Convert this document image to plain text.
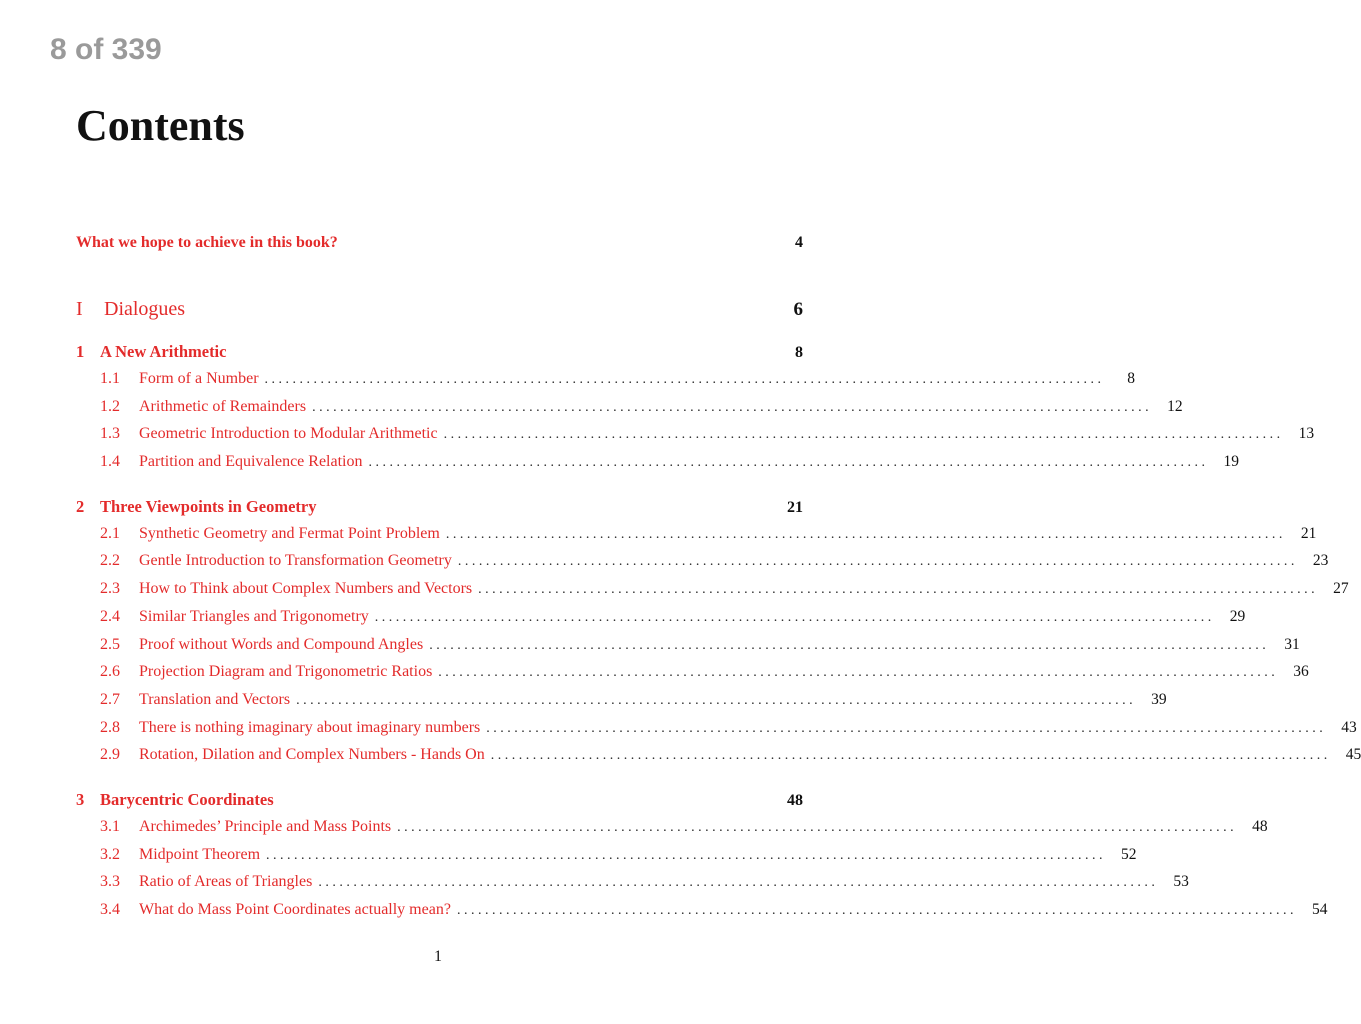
8 of 339
Contents
What we hope to achieve in this book?	4
I	Dialogues	6
1 A New Arithmetic	8
1.1	Form of a Number . . . . . . . . . . . . . . . . . . . . . . . . . . . . . . . . . . . . . . . . . . . . . . . . . . . . . . . . . . . . . . . . . . . . . . . . . . . . . . . . . . . . . . . . . . . . . . . . . . . . . . . . . . . . . . . . . . . . . . . .	8
1.2	Arithmetic of Remainders . . . . . . . . . . . . . . . . . . . . . . . . . . . . . . . . . . . . . . . . . . . . . . . . . . . . . . . . . . . . . . . . . . . . . . . . . . . . . . . . . . . . . . . . . . . . . . . . . . . . . . . . . . . . . . . . . . . . . . . .	12
1.3	Geometric Introduction to Modular Arithmetic . . . . . . . . . . . . . . . . . . . . . . . . . . . . . . . . . . . . . . . . . . . . . . . . . . . . . . . . . . . . . . . . . . . . . . . . . . . . . . . . . . . . . . . . . . . . . . . . . . . . . . . . . . . . . . . . . . . . . . . .	13
1.4	Partition and Equivalence Relation . . . . . . . . . . . . . . . . . . . . . . . . . . . . . . . . . . . . . . . . . . . . . . . . . . . . . . . . . . . . . . . . . . . . . . . . . . . . . . . . . . . . . . . . . . . . . . . . . . . . . . . . . . . . . . . . . . . . . . . .	19
2 Three Viewpoints in Geometry	21
2.1	Synthetic Geometry and Fermat Point Problem . . . . . . . . . . . . . . . . . . . . . . . . . . . . . . . . . . . . . . . . . . . . . . . . . . . . . . . . . . . . . . . . . . . . . . . . . . . . . . . . . . . . . . . . . . . . . . . . . . . . . . . . . . . . . . . . . . . . . . . .	21
2.2	Gentle Introduction to Transformation Geometry . . . . . . . . . . . . . . . . . . . . . . . . . . . . . . . . . . . . . . . . . . . . . . . . . . . . . . . . . . . . . . . . . . . . . . . . . . . . . . . . . . . . . . . . . . . . . . . . . . . . . . . . . . . . . . . . . . . . . . . .	23
2.3	How to Think about Complex Numbers and Vectors . . . . . . . . . . . . . . . . . . . . . . . . . . . . . . . . . . . . . . . . . . . . . . . . . . . . . . . . . . . . . . . . . . . . . . . . . . . . . . . . . . . . . . . . . . . . . . . . . . . . . . . . . . . . . . . . . . . . . . . .	27
2.4	Similar Triangles and Trigonometry . . . . . . . . . . . . . . . . . . . . . . . . . . . . . . . . . . . . . . . . . . . . . . . . . . . . . . . . . . . . . . . . . . . . . . . . . . . . . . . . . . . . . . . . . . . . . . . . . . . . . . . . . . . . . . . . . . . . . . . .	29
2.5	Proof without Words and Compound Angles . . . . . . . . . . . . . . . . . . . . . . . . . . . . . . . . . . . . . . . . . . . . . . . . . . . . . . . . . . . . . . . . . . . . . . . . . . . . . . . . . . . . . . . . . . . . . . . . . . . . . . . . . . . . . . . . . . . . . . . .	31
2.6	Projection Diagram and Trigonometric Ratios . . . . . . . . . . . . . . . . . . . . . . . . . . . . . . . . . . . . . . . . . . . . . . . . . . . . . . . . . . . . . . . . . . . . . . . . . . . . . . . . . . . . . . . . . . . . . . . . . . . . . . . . . . . . . . . . . . . . . . . .	36
2.7	Translation and Vectors . . . . . . . . . . . . . . . . . . . . . . . . . . . . . . . . . . . . . . . . . . . . . . . . . . . . . . . . . . . . . . . . . . . . . . . . . . . . . . . . . . . . . . . . . . . . . . . . . . . . . . . . . . . . . . . . . . . . . . . .	39
2.8	There is nothing imaginary about imaginary numbers . . . . . . . . . . . . . . . . . . . . . . . . . . . . . . . . . . . . . . . . . . . . . . . . . . . . . . . . . . . . . . . . . . . . . . . . . . . . . . . . . . . . . . . . . . . . . . . . . . . . . . . . . . . . . . . . . . . . . . . .	43
2.9	Rotation, Dilation and Complex Numbers - Hands On . . . . . . . . . . . . . . . . . . . . . . . . . . . . . . . . . . . . . . . . . . . . . . . . . . . . . . . . . . . . . . . . . . . . . . . . . . . . . . . . . . . . . . . . . . . . . . . . . . . . . . . . . . . . . . . . . . . . . . . .	45
3 Barycentric Coordinates	48
3.1	Archimedes’ Principle and Mass Points . . . . . . . . . . . . . . . . . . . . . . . . . . . . . . . . . . . . . . . . . . . . . . . . . . . . . . . . . . . . . . . . . . . . . . . . . . . . . . . . . . . . . . . . . . . . . . . . . . . . . . . . . . . . . . . . . . . . . . . .	48
3.2	Midpoint Theorem . . . . . . . . . . . . . . . . . . . . . . . . . . . . . . . . . . . . . . . . . . . . . . . . . . . . . . . . . . . . . . . . . . . . . . . . . . . . . . . . . . . . . . . . . . . . . . . . . . . . . . . . . . . . . . . . . . . . . . . .	52
3.3	Ratio of Areas of Triangles . . . . . . . . . . . . . . . . . . . . . . . . . . . . . . . . . . . . . . . . . . . . . . . . . . . . . . . . . . . . . . . . . . . . . . . . . . . . . . . . . . . . . . . . . . . . . . . . . . . . . . . . . . . . . . . . . . . . . . . .	53
3.4	What do Mass Point Coordinates actually mean? . . . . . . . . . . . . . . . . . . . . . . . . . . . . . . . . . . . . . . . . . . . . . . . . . . . . . . . . . . . . . . . . . . . . . . . . . . . . . . . . . . . . . . . . . . . . . . . . . . . . . . . . . . . . . . . . . . . . . . . .	54
1
